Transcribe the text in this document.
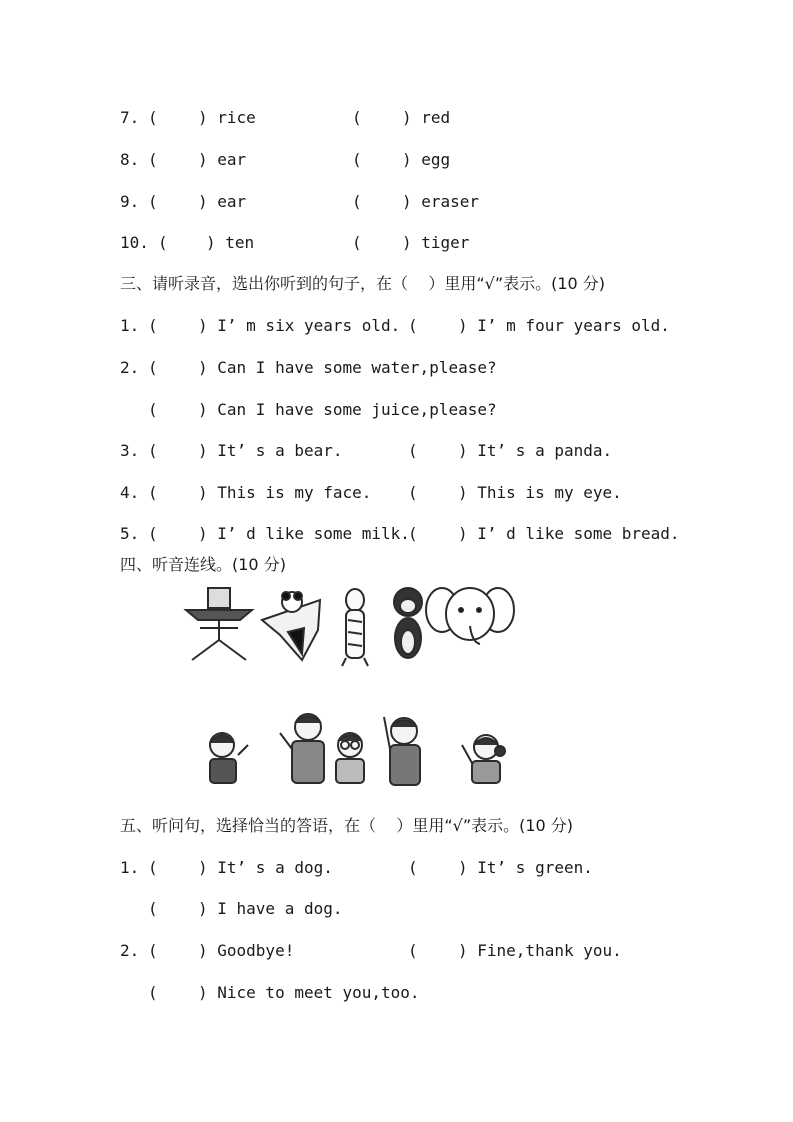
7. (	) rice	(	) red
8. (	) ear	(	) egg
9. (	) ear	(	) eraser
10. ( ) ten	(	) tiger
三、请听录音，选出你听到的句子，在（    ）里用“√”表示。(10 分)
1. (	) I’ m six years old. (	) I’ m four years old.
2. (	) Can I have some water,please?
(	) Can I have some juice,please?
3. (	) It’ s a bear.	(	) It’ s a panda.
4. (	) This is my face. (	) This is my eye.
5. (	) I’ d like some milk.
(	) I’ d like some bread.
四、听音连线。(10 分)
五、听问句，选择恰当的答语，在（    ）里用“√”表示。(10 分)
1. (	) It’ s a dog.	(	) It’ s green.
(	) I have a dog.
2. (	) Goodbye!	(	) Fine,thank you.
(	) Nice to meet you,too.
